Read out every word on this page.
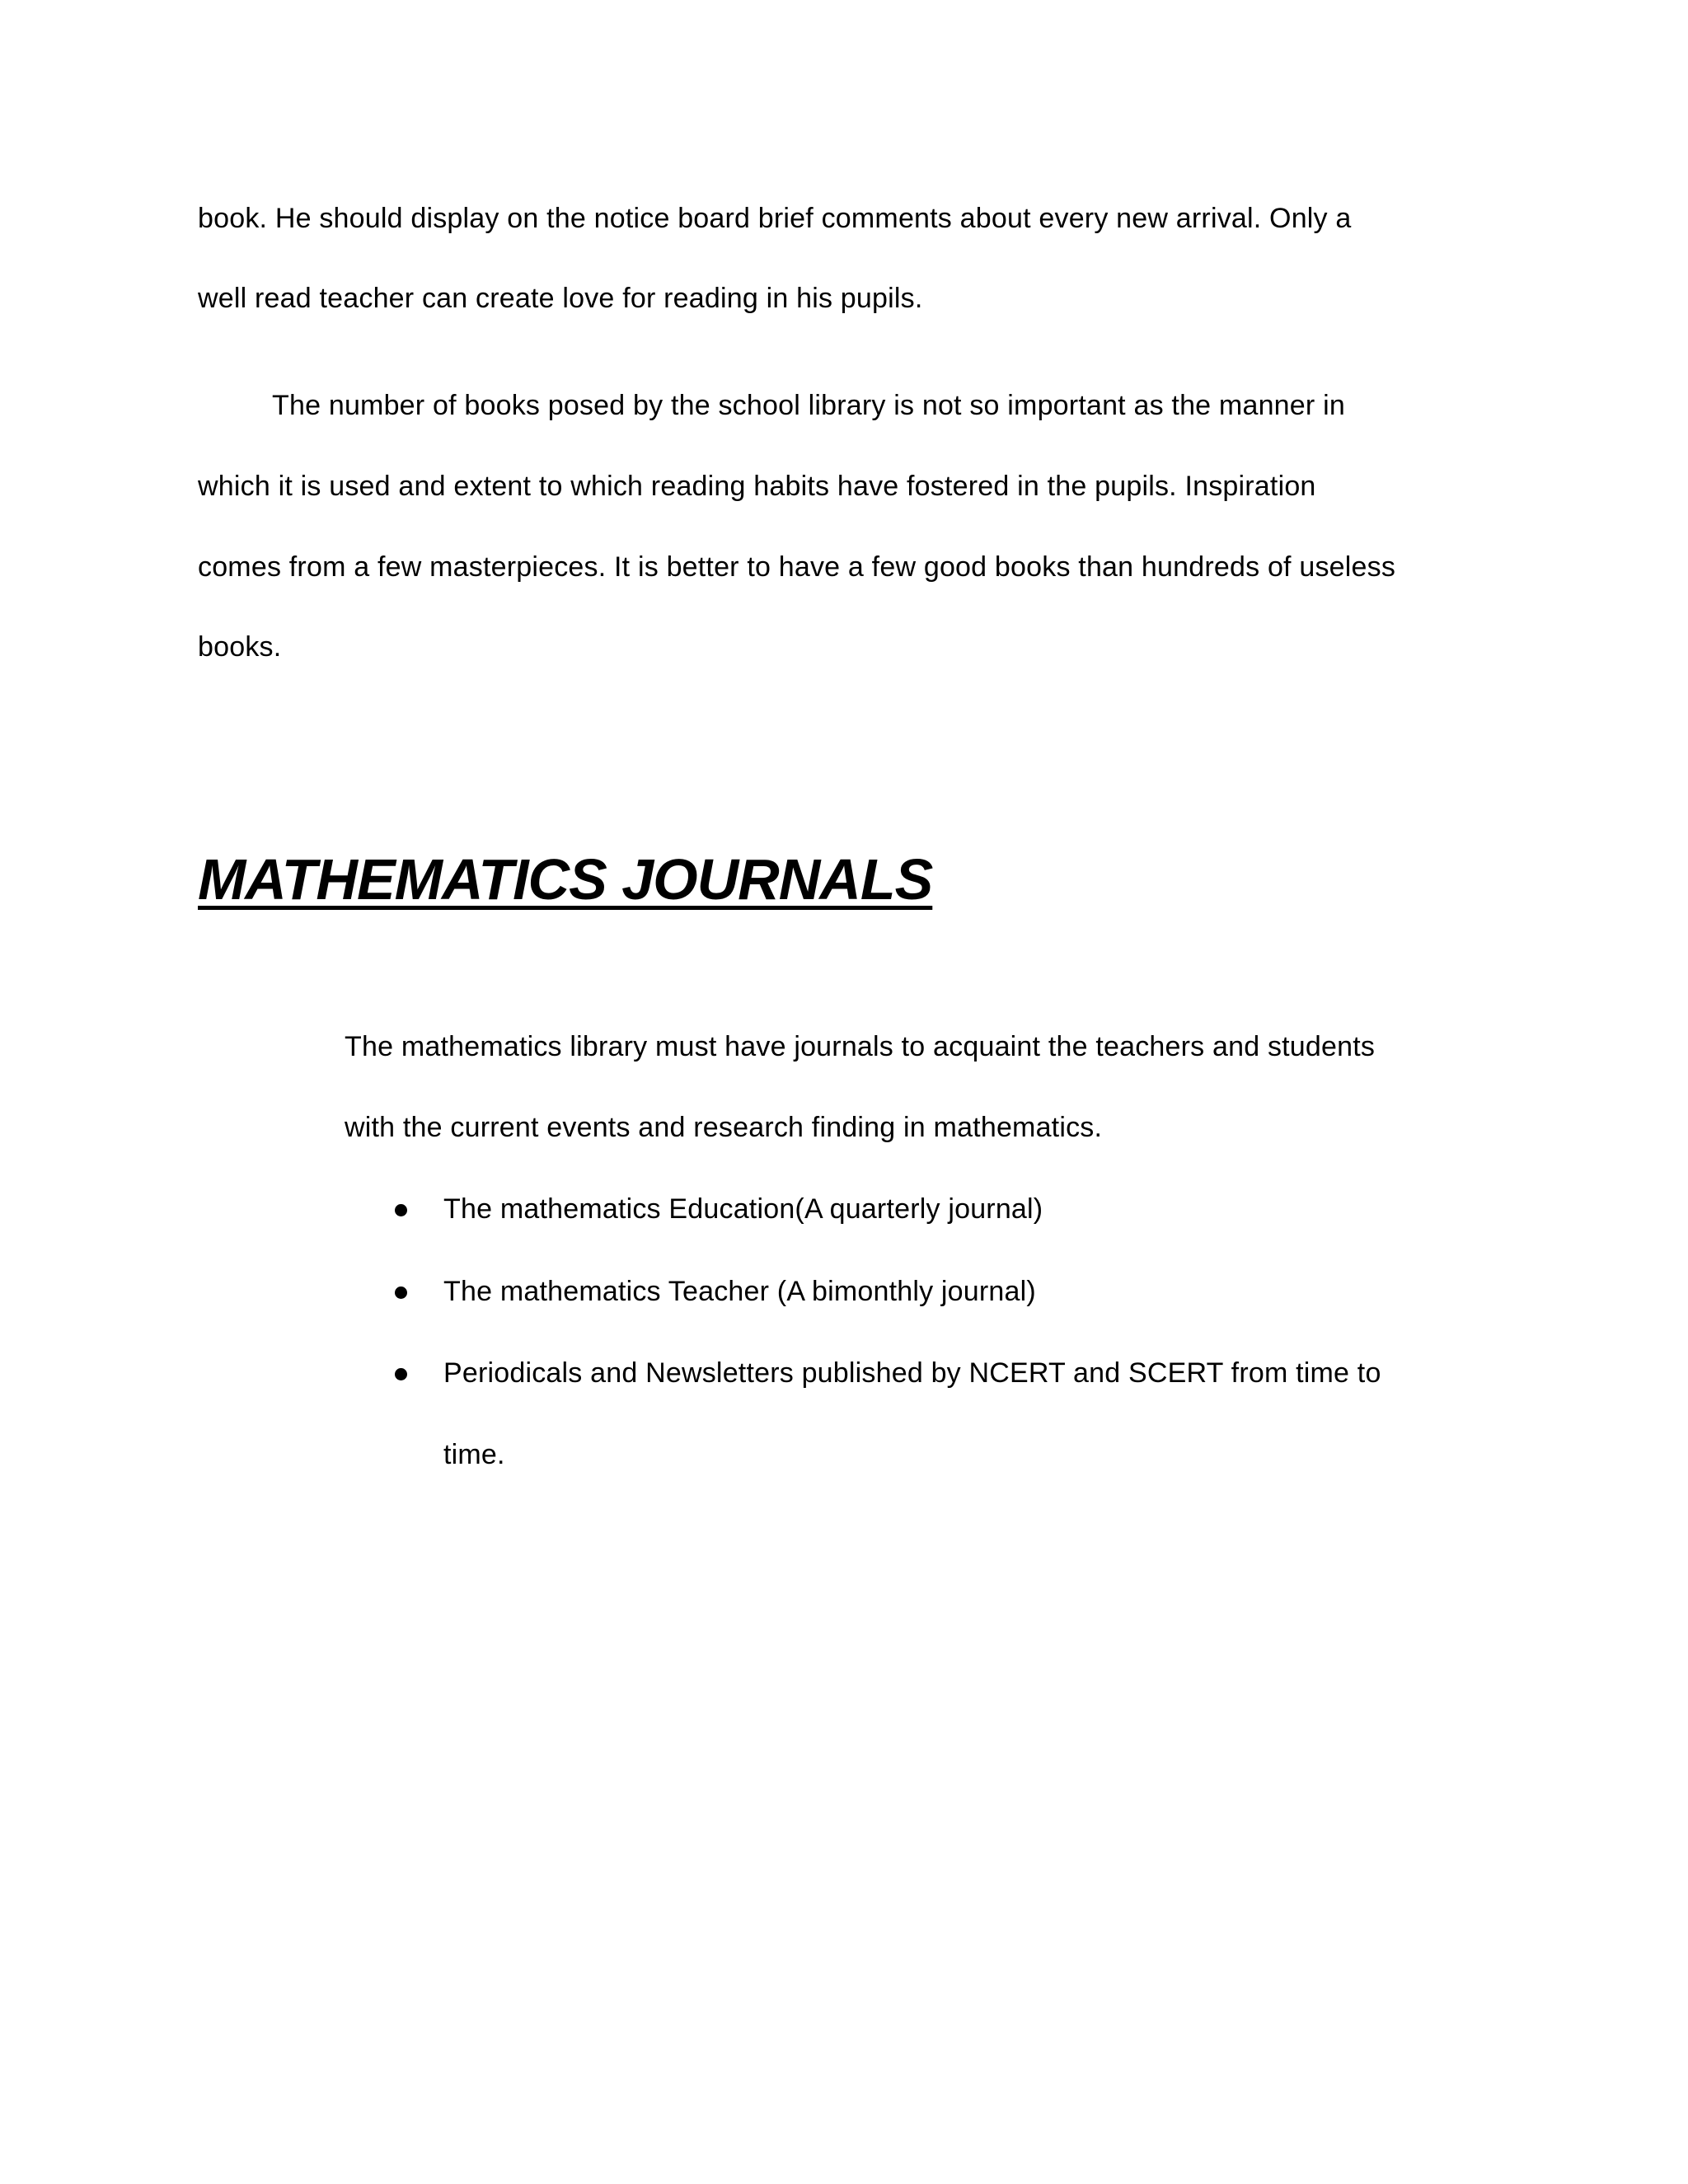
book. He should display on the notice board brief comments about every new arrival. Only a

well read teacher can create love for reading in his pupils.

The number of books posed by the school library is not so important as the manner in

which it is used and extent to which reading habits have fostered in the pupils. Inspiration

comes from a few masterpieces. It is better to have a few good books than hundreds of useless

books.

MATHEMATICS JOURNALS

The mathematics library must have journals to acquaint the teachers and students

with the current events and research finding in mathematics.

The mathematics Education(A quarterly journal)

The mathematics Teacher (A bimonthly journal)

Periodicals and Newsletters published by NCERT and SCERT from time to

time.
